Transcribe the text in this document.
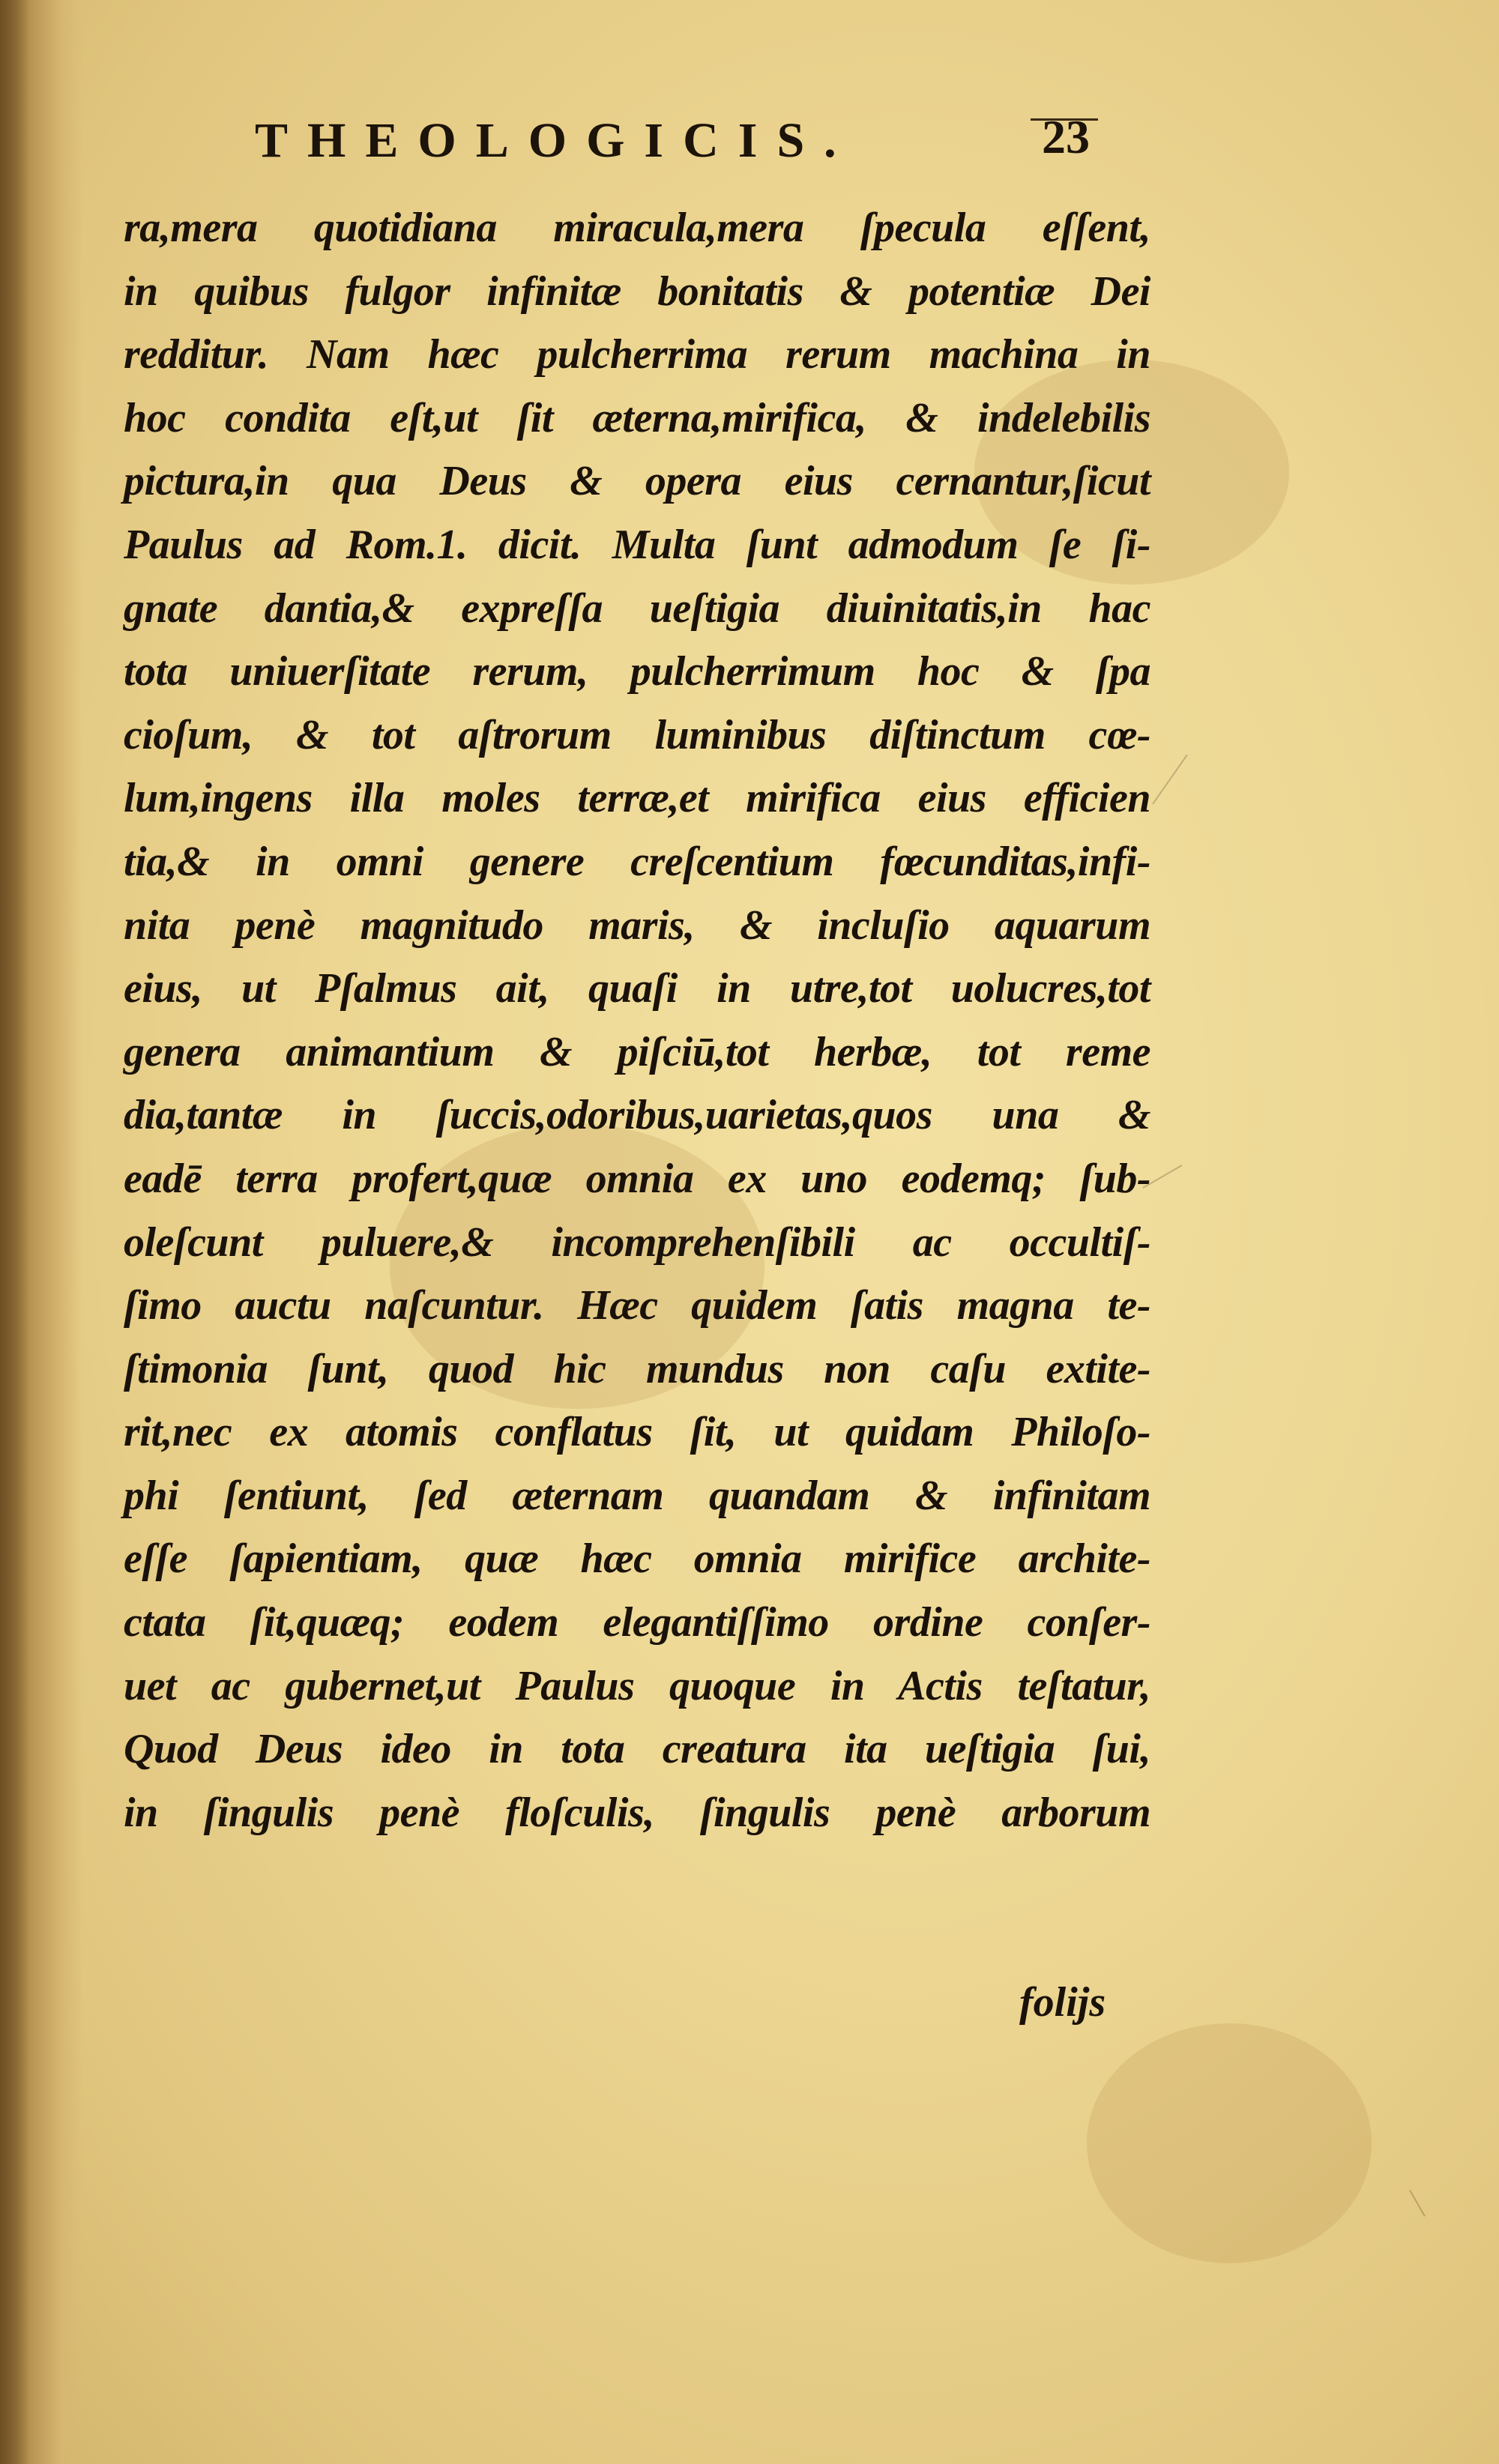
THEOLOGICIS.	23
ra,mera quotidiana miracula,mera ſpecula eſſent,
in quibus fulgor infinitæ bonitatis & potentiæ Dei
redditur. Nam hæc pulcherrima rerum machina in
hoc condita eſt,ut ſit æterna,mirifica, & indelebilis
pictura,in qua Deus & opera eius cernantur,ſicut
Paulus ad Rom.1. dicit. Multa ſunt admodum ſe ſi-
gnate dantia,& expreſſa ueſtigia diuinitatis,in hac
tota uniuerſitate rerum, pulcherrimum hoc & ſpa
cioſum, & tot aſtrorum luminibus diſtinctum cœ-
lum,ingens illa moles terræ,et mirifica eius efficien
tia,& in omni genere creſcentium fœcunditas,infi-
nita penè magnitudo maris, & incluſio aquarum
eius, ut Pſalmus ait, quaſi in utre,tot uolucres,tot
genera animantium & piſciū,tot herbæ, tot reme
dia,tantæ in ſuccis,odoribus,uarietas,quos una &
eadē terra profert,quæ omnia ex uno eodemq; ſub-
oleſcunt puluere,& incomprehenſibili ac occultiſ-
ſimo auctu naſcuntur. Hæc quidem ſatis magna te-
ſtimonia ſunt, quod hic mundus non caſu extite-
rit,nec ex atomis conflatus ſit, ut quidam Philoſo-
phi ſentiunt, ſed æternam quandam & infinitam
eſſe ſapientiam, quæ hæc omnia mirifice archite-
ctata ſit,quæq; eodem elegantiſſimo ordine conſer-
uet ac gubernet,ut Paulus quoque in Actis teſtatur,
Quod Deus ideo in tota creatura ita ueſtigia ſui,
in ſingulis penè floſculis, ſingulis penè arborum
folijs
